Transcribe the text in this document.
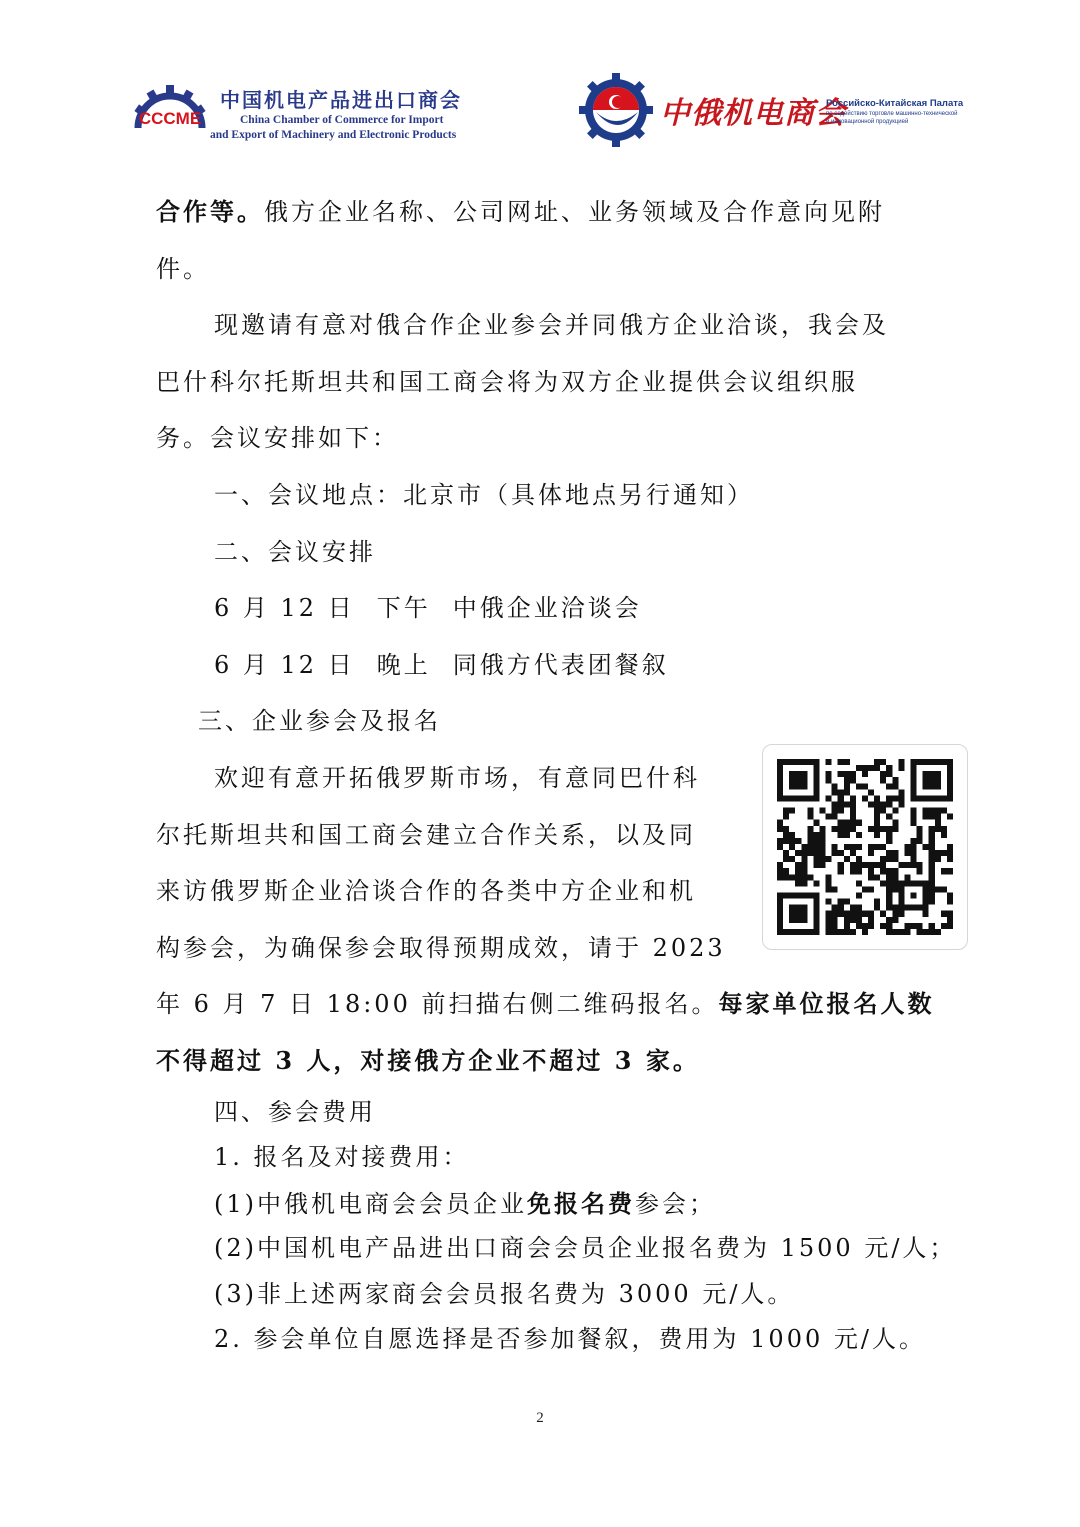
CCCME
中国机电产品进出口商会
China Chamber of Commerce for Import
and Export of Machinery and Electronic Products
中俄机电商会
Российско-Китайская Палата
по содействию торговле машинно-технической
и инновационной продукцией
合作等。俄方企业名称、公司网址、业务领域及合作意向见附
件。
现邀请有意对俄合作企业参会并同俄方企业洽谈，我会及
巴什科尔托斯坦共和国工商会将为双方企业提供会议组织服
务。会议安排如下：
一、会议地点：北京市（具体地点另行通知）
二、会议安排
6 月 12 日 下午 中俄企业洽谈会
6 月 12 日 晚上 同俄方代表团餐叙
三、企业参会及报名
欢迎有意开拓俄罗斯市场，有意同巴什科
尔托斯坦共和国工商会建立合作关系，以及同
来访俄罗斯企业洽谈合作的各类中方企业和机
构参会，为确保参会取得预期成效，请于 2023
年 6 月 7 日 18:00 前扫描右侧二维码报名。每家单位报名人数
不得超过 3 人，对接俄方企业不超过 3 家。
四、参会费用
1. 报名及对接费用：
(1)中俄机电商会会员企业免报名费参会；
(2)中国机电产品进出口商会会员企业报名费为 1500 元/人；
(3)非上述两家商会会员报名费为 3000 元/人。
2. 参会单位自愿选择是否参加餐叙，费用为 1000 元/人。
2
